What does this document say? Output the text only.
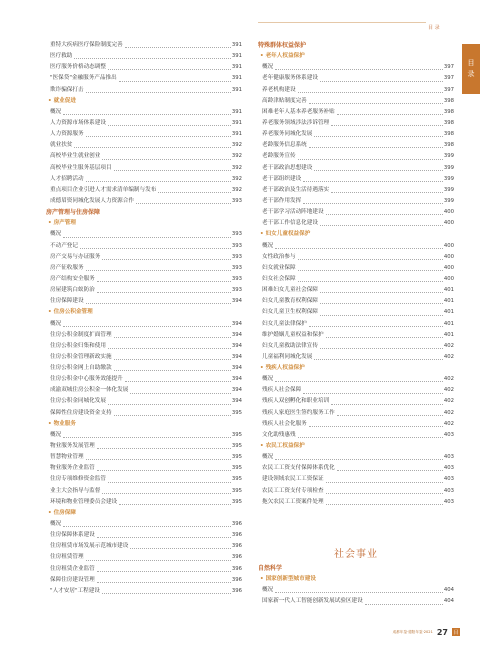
目 录
目
录
重特大疾病医疗保险制度完善	391
医疗救助	391
医疗服务价格动态调整	391
"医保贷"金融服务产品推出	391
欺诈骗保打击	391
• 就业促进
概况	391
人力资源市场体系建设	391
人力资源服务	391
就业扶贫	392
高校毕业生就业创业	392
高校毕业生服务基层项目	392
人才招聘活动	392
重点项目企业引进人才需求清单编制与发布	392
成德眉资同城化发展人力资源合作	393
房产管理与住房保障
• 房产管理
概况	393
不动产登记	393
房产交易与办证服务	393
房产征收服务	393
房产结构安全服务	393
房屋建筑白蚁防治	393
住房保障建设	394
• 住房公积金管理
概况	394
住房公积金制度扩面管理	394
住房公积金归集和使用	394
住房公积金管理新政实施	394
住房公积金网上自助缴款	394
住房公积金中心服务效能提升	394
成渝双城住房公积金一体化发展	394
住房公积金同城化发展	394
保障性住房建设资金支持	395
• 物业服务
概况	395
物业服务发展管理	395
智慧物业管理	395
物业服务企业监管	395
住房专项维修资金监管	395
业主大会指导与监督	395
环境和物业管理委员会建设	395
• 住房保障
概况	396
住房保障体系建设	396
住房租赁市场发展示范城市建设	396
住房租赁管理	396
住房租赁企业监管	396
保障住房建设管理	396
"人才安居"工程建设	396
特殊群体权益保护
• 老年人权益保护
概况	397
老年健康服务体系建设	397
养老机构建设	397
高龄津贴制度完善	398
困难老年人基本养老服务补贴	398
养老服务领域涉法涉诉管理	398
养老服务同城化发展	398
老龄服务信息系统	398
老龄服务宣传	399
老干部政治思想建设	399
老干部组织建设	399
老干部政治及生活待遇落实	399
老干部作用发挥	399
老干部学习活动阵地建设	400
老干部工作信息化建设	400
• 妇女儿童权益保护
概况	400
女性政治参与	400
妇女就业保障	400
妇女社会保障	400
困难妇女儿童社会保障	401
妇女儿童教育权利保障	401
妇女儿童卫生权利保障	401
妇女儿童法律保护	401
维护婚姻儿童权益和保护	401
妇女儿童救助法律宣传	402
儿童福利同城化发展	402
• 残疾人权益保护
概况	402
残疾人社会保障	402
残疾人双创孵化和职业培训	402
残疾人家庭医生签约服务工作	402
残疾人社会化服务	402
文化助残惠残	403
• 农民工权益保护
概况	403
农民工工资支付保障体系优化	403
建设领域农民工工资保证	403
农民工工资支付专项检查	403
拖欠农民工工资案件处理	403
社会事业
自然科学
• 国家创新型城市建设
概况	404
国家新一代人工智能创新发展试验区建设	404
成都年鉴·德阳年鉴·2021 27 目
